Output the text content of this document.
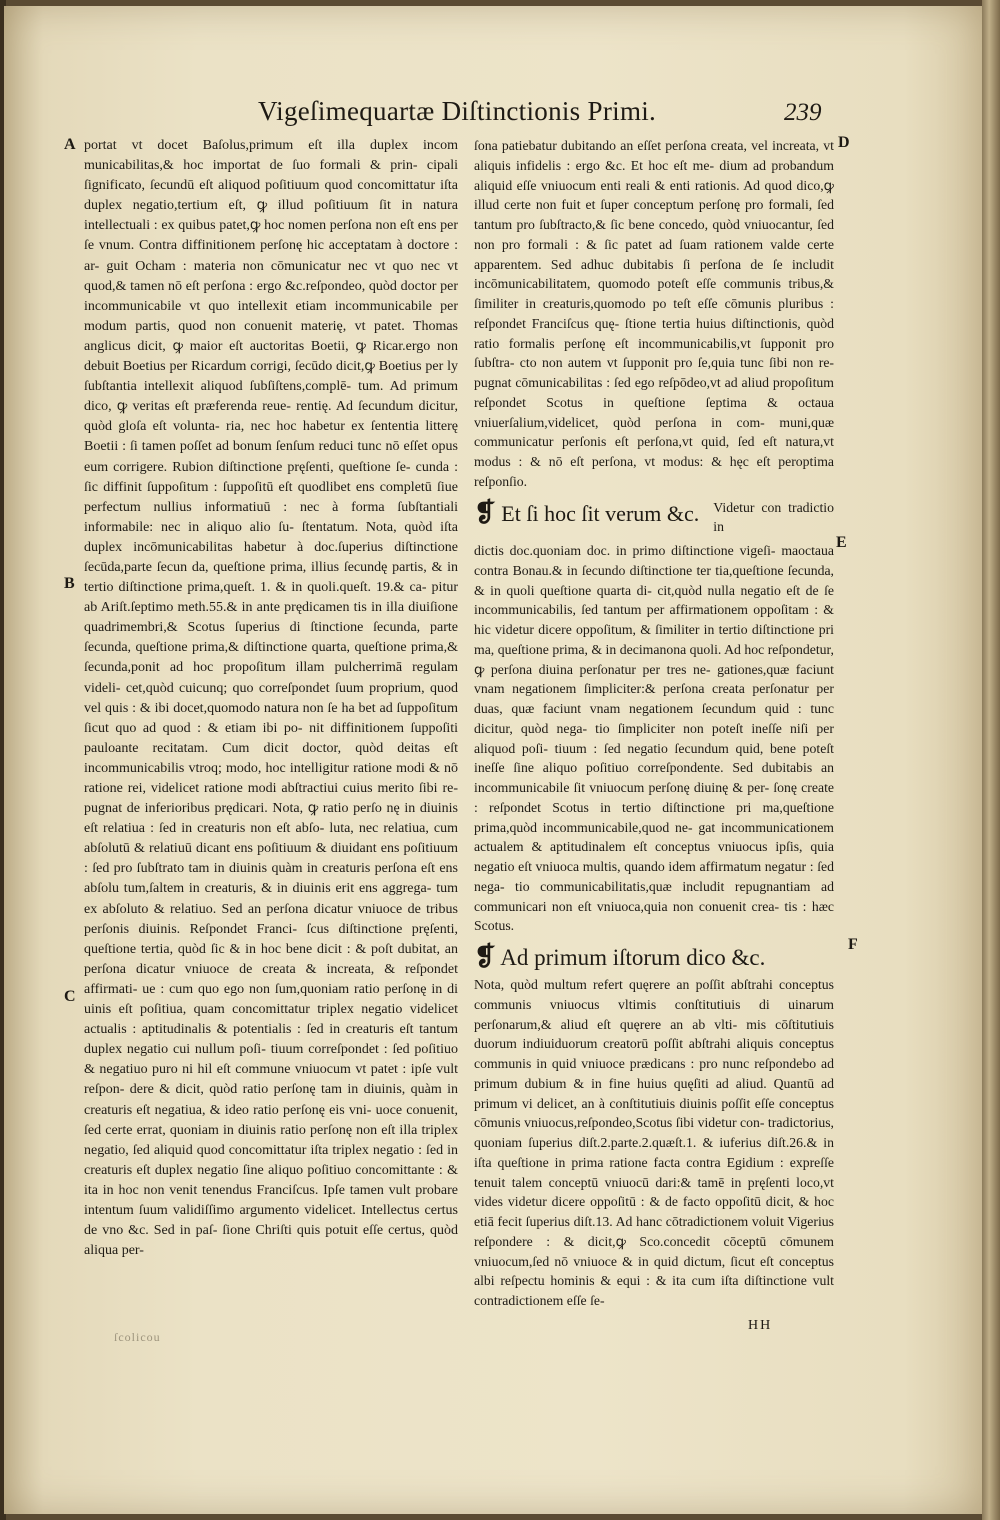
Vigeſimequartæ Diſtinctionis Primi.	239
A
B
C
D
E
F

portat vt docet Baſolus,primum eſt illa duplex incom municabilitas,& hoc importat de ſuo formali & prin- cipali ſignificato, ſecundū eſt aliquod poſitiuum quod concomittatur iſta duplex negatio,tertium eſt, ꝙ illud poſitiuum ſit in natura intellectuali : ex quibus patet,ꝙ hoc nomen perſona non eſt ens per ſe vnum. Contra diffinitionem perſonę hic acceptatam à doctore : ar- guit Ocham : materia non cōmunicatur nec vt quo nec vt quod,& tamen nō eſt perſona : ergo &c.reſpondeo, quòd doctor per incommunicabile vt quo intellexit etiam incommunicabile per modum partis, quod non conuenit materię, vt patet. Thomas anglicus dicit, ꝙ maior eſt auctoritas Boetii, ꝙ Ricar.ergo non debuit Boetius per Ricardum corrigi, ſecūdo dicit,ꝙ Boetius per ly ſubſtantia intellexit aliquod ſubſiſtens,complē- tum. Ad primum dico, ꝙ veritas eſt præferenda reue- rentię. Ad ſecundum dicitur, quòd gloſa eſt volunta- ria, nec hoc habetur ex ſententia litterę Boetii : ſi tamen poſſet ad bonum ſenſum reduci tunc nō eſſet opus eum corrigere. Rubion diſtinctione pręſenti, queſtione ſe- cunda : ſic diffinit ſuppoſitum : ſuppoſitū eſt quodlibet ens completū ſiue perfectum nullius informatiuū : nec à forma ſubſtantiali informabile: nec in aliquo alio ſu- ſtentatum. Nota, quòd iſta duplex incōmunicabilitas habetur à doc.ſuperius diſtinctione ſecūda,parte ſecun da, queſtione prima, illius ſecundę partis, & in tertio diſtinctione prima,queſt. 1. & in quoli.queſt. 19.& ca- pitur ab Ariſt.ſeptimo meth.55.& in ante prędicamen tis in illa diuiſione quadrimembri,& Scotus ſuperius di ſtinctione ſecunda, parte ſecunda, queſtione prima,& diſtinctione quarta, queſtione prima,& ſecunda,ponit ad hoc propoſitum illam pulcherrimā regulam videli- cet,quòd cuicunq; quo correſpondet ſuum proprium, quod vel quis : & ibi docet,quomodo natura non ſe ha bet ad ſuppoſitum ſicut quo ad quod : & etiam ibi po- nit diffinitionem ſuppoſiti pauloante recitatam. Cum dicit doctor, quòd deitas eſt incommunicabilis vtroq; modo, hoc intelligitur ratione modi & nō ratione rei, videlicet ratione modi abſtractiui cuius merito ſibi re- pugnat de inferioribus prędicari. Nota, ꝙ ratio perſo nę in diuinis eſt relatiua : ſed in creaturis non eſt abſo- luta, nec relatiua, cum abſolutū & relatiuū dicant ens poſitiuum & diuidant ens poſitiuum : ſed pro ſubſtrato tam in diuinis quàm in creaturis perſona eſt ens abſolu tum,ſaltem in creaturis, & in diuinis erit ens aggrega- tum ex abſoluto & relatiuo. Sed an perſona dicatur vniuoce de tribus perſonis diuinis. Reſpondet Franci- ſcus diſtinctione pręſenti, queſtione tertia, quòd ſic & in hoc bene dicit : & poſt dubitat, an perſona dicatur vniuoce de creata & increata, & reſpondet affirmati- ue : cum quo ego non ſum,quoniam ratio perſonę in di uinis eſt poſitiua, quam concomittatur triplex negatio videlicet actualis : aptitudinalis & potentialis : ſed in creaturis eſt tantum duplex negatio cui nullum poſi- tiuum correſpondet : ſed poſitiuo & negatiuo puro ni hil eſt commune vniuocum vt patet : ipſe vult reſpon- dere & dicit, quòd ratio perſonę tam in diuinis, quàm in creaturis eſt negatiua, & ideo ratio perſonę eis vni- uoce conuenit, ſed certe errat, quoniam in diuinis ratio perſonę non eſt illa triplex negatio, ſed aliquid quod concomittatur iſta triplex negatio : ſed in creaturis eſt duplex negatio ſine aliquo poſitiuo concomittante : & ita in hoc non venit tenendus Franciſcus. Ipſe tamen vult probare intentum ſuum validiſſimo argumento videlicet. Intellectus certus de vno &c. Sed in paſ- ſione Chriſti quis potuit eſſe certus, quòd aliqua per-

ſona patiebatur dubitando an eſſet perſona creata, vel increata, vt aliquis infidelis : ergo &c. Et hoc eſt me- dium ad probandum aliquid eſſe vniuocum enti reali & enti rationis. Ad quod dico,ꝙ illud certe non fuit et ſuper conceptum perſonę pro formali, ſed tantum pro ſubſtracto,& ſic bene concedo, quòd vniuocantur, ſed non pro formali : & ſic patet ad ſuam rationem valde certe apparentem. Sed adhuc dubitabis ſi perſona de ſe includit incōmunicabilitatem, quomodo poteſt eſſe communis tribus,& ſimiliter in creaturis,quomodo po teſt eſſe cōmunis pluribus : reſpondet Franciſcus quę- ſtione tertia huius diſtinctionis, quòd ratio formalis perſonę eſt incommunicabilis,vt ſupponit pro ſubſtra- cto non autem vt ſupponit pro ſe,quia tunc ſibi non re- pugnat cōmunicabilitas : ſed ego reſpōdeo,vt ad aliud propoſitum reſpondet Scotus in queſtione ſeptima & octaua vniuerſalium,videlicet, quòd perſona in com- muni,quæ communicatur perſonis eſt perſona,vt quid, ſed eſt natura,vt modus : & nō eſt perſona, vt modus: & hęc eſt peroptima reſponſio.

❡ Et ſi hoc ſit verum &c. Videtur con tradictio in

dictis doc.quoniam doc. in primo diſtinctione vigeſi- maoctaua contra Bonau.& in ſecundo diſtinctione ter tia,queſtione ſecunda, & in quoli queſtione quarta di- cit,quòd nulla negatio eſt de ſe incommunicabilis, ſed tantum per affirmationem oppoſitam : & hic videtur dicere oppoſitum, & ſimiliter in tertio diſtinctione pri ma, queſtione prima, & in decimanona quoli. Ad hoc reſpondetur, ꝙ perſona diuina perſonatur per tres ne- gationes,quæ faciunt vnam negationem ſimpliciter:& perſona creata perſonatur per duas, quæ faciunt vnam negationem ſecundum quid : tunc dicitur, quòd nega- tio ſimpliciter non poteſt ineſſe niſi per aliquod poſi- tiuum : ſed negatio ſecundum quid, bene poteſt ineſſe ſine aliquo poſitiuo correſpondente. Sed dubitabis an incommunicabile ſit vniuocum perſonę diuinę & per- ſonę create : reſpondet Scotus in tertio diſtinctione pri ma,queſtione prima,quòd incommunicabile,quod ne- gat incommunicationem actualem & aptitudinalem eſt conceptus vniuocus ipſis, quia negatio eſt vniuoca multis, quando idem affirmatum negatur : ſed nega- tio communicabilitatis,quæ includit repugnantiam ad communicari non eſt vniuoca,quia non conuenit crea- tis : hæc Scotus.

❡ Ad primum iſtorum dico &c.

Nota, quòd multum refert quęrere an poſſit abſtrahi conceptus communis vniuocus vltimis conſtitutiuis di uinarum perſonarum,& aliud eſt quęrere an ab vlti- mis cōſtitutiuis duorum indiuiduorum creatorū poſſit abſtrahi aliquis conceptus communis in quid vniuoce prædicans : pro nunc reſpondebo ad primum dubium & in fine huius quęſiti ad aliud. Quantū ad primum vi delicet, an à conſtitutiuis diuinis poſſit eſſe conceptus cōmunis vniuocus,reſpondeo,Scotus ſibi videtur con- tradictorius, quoniam ſuperius diſt.2.parte.2.quæſt.1. & iuferius diſt.26.& in iſta queſtione in prima ratione facta contra Egidium : expreſſe tenuit talem conceptū vniuocū dari:& tamē in pręſenti loco,vt vides videtur dicere oppoſitū : & de facto oppoſitū dicit, & hoc etiā fecit ſuperius diſt.13. Ad hanc cōtradictionem voluit Vigerius reſpondere : & dicit,ꝙ Sco.concedit cōceptū cōmunem vniuocum,ſed nō vniuoce & in quid dictum, ſicut eſt conceptus albi reſpectu hominis & equi : & ita cum iſta diſtinctione vult contradictionem eſſe ſe-

HH
ſcolicou
